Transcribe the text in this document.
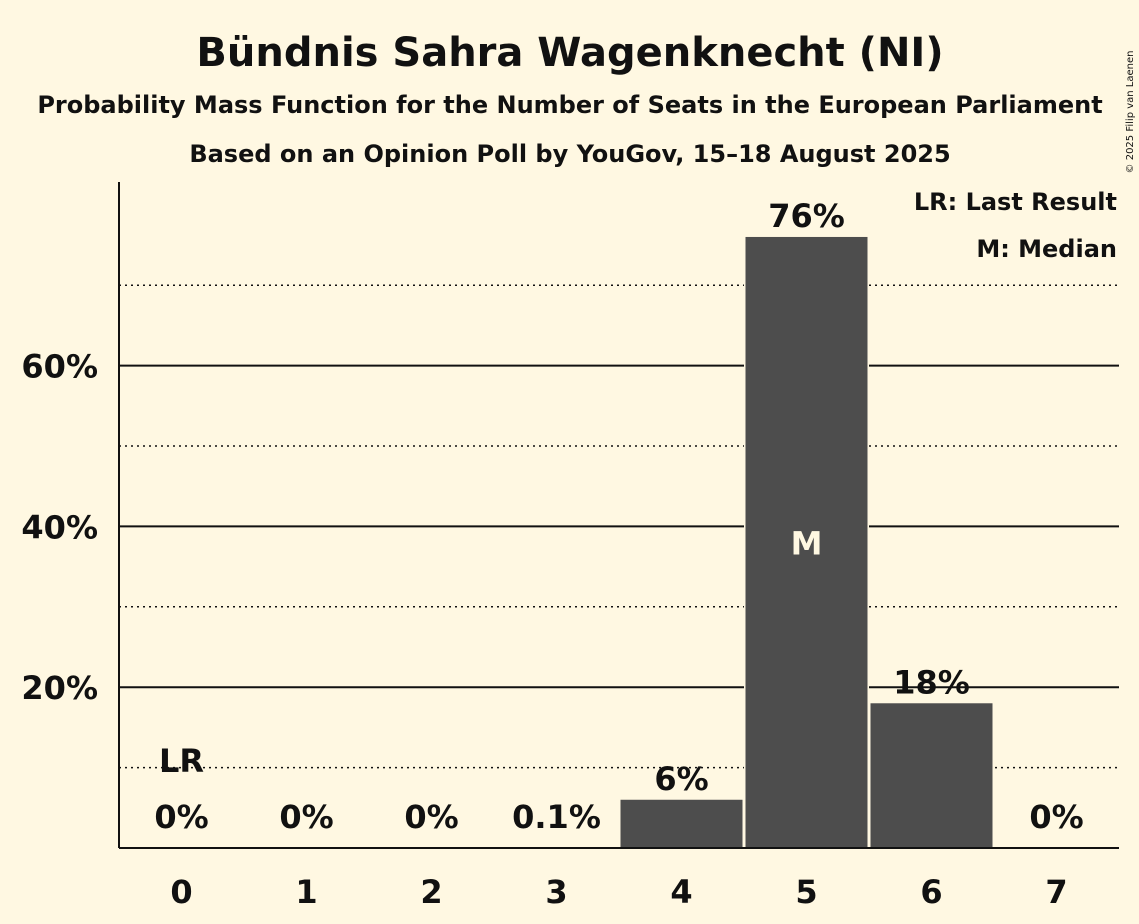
20%
40%
60%
0%
0
LR
0%
1
0%
2
0.1%
3
6%
4
76%
5
M
18%
6
0%
7
Bündnis Sahra Wagenknecht (NI)
Probability Mass Function for the Number of Seats in the European Parliament
Based on an Opinion Poll by YouGov, 15–18 August 2025
LR: Last Result
M: Median
© 2025 Filip van Laenen
